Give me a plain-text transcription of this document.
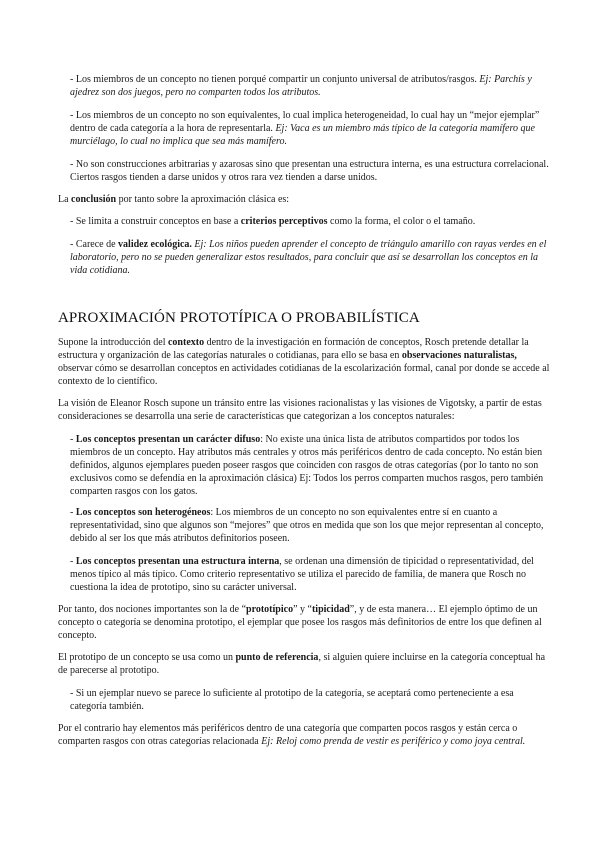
- Los miembros de un concepto no tienen porqué compartir un conjunto universal de atributos/rasgos. Ej: Parchís y ajedrez son dos juegos, pero no comparten todos los atributos.

- Los miembros de un concepto no son equivalentes, lo cual implica heterogeneidad, lo cual hay un “mejor ejemplar” dentro de cada categoría a la hora de representarla. Ej: Vaca es un miembro más típico de la categoría mamífero que murciélago, lo cual no implica que sea más mamífero.

- No son construcciones arbitrarias y azarosas sino que presentan una estructura interna, es una estructura correlacional. Ciertos rasgos tienden a darse unidos y otros rara vez tienden a darse unidos.

La conclusión por tanto sobre la aproximación clásica es:

- Se limita a construir conceptos en base a criterios perceptivos como la forma, el color o el tamaño.

- Carece de validez ecológica. Ej: Los niños pueden aprender el concepto de triángulo amarillo con rayas verdes en el laboratorio, pero no se pueden generalizar estos resultados, para concluir que así se desarrollan los conceptos en la vida cotidiana.

APROXIMACIÓN PROTOTÍPICA O PROBABILÍSTICA

Supone la introducción del contexto dentro de la investigación en formación de conceptos, Rosch pretende detallar la estructura y organización de las categorías naturales o cotidianas, para ello se basa en observaciones naturalistas, observar cómo se desarrollan conceptos en actividades cotidianas de la escolarización formal, canal por donde se accede al contexto de lo científico.

La visión de Eleanor Rosch supone un tránsito entre las visiones racionalistas y las visiones de Vigotsky, a partir de estas consideraciones se desarrolla una serie de características que categorizan a los conceptos naturales:

- Los conceptos presentan un carácter difuso: No existe una única lista de atributos compartidos por todos los miembros de un concepto. Hay atributos más centrales y otros más periféricos dentro de cada concepto. No están bien definidos, algunos ejemplares pueden poseer rasgos que coinciden con rasgos de otras categorías (por lo tanto no son exclusivos como se defendía en la aproximación clásica) Ej: Todos los perros comparten muchos rasgos, pero también comparten rasgos con los gatos.

- Los conceptos son heterogéneos: Los miembros de un concepto no son equivalentes entre sí en cuanto a representatividad, sino que algunos son “mejores” que otros en medida que son los que mejor representan al concepto, debido al ser los que más atributos definitorios poseen.

- Los conceptos presentan una estructura interna, se ordenan una dimensión de tipicidad o representatividad, del menos típico al más típico. Como criterio representativo se utiliza el parecido de familia, de manera que Rosch no cuestiona la idea de prototipo, sino su carácter universal.

Por tanto, dos nociones importantes son la de “prototípico” y “tipicidad”, y de esta manera… El ejemplo óptimo de un concepto o categoría se denomina prototipo, el ejemplar que posee los rasgos más definitorios de entre los que definen al concepto.

El prototipo de un concepto se usa como un punto de referencia, si alguien quiere incluirse en la categoría conceptual ha de parecerse al prototipo.

- Si un ejemplar nuevo se parece lo suficiente al prototipo de la categoría, se aceptará como perteneciente a esa categoría también.

Por el contrario hay elementos más periféricos dentro de una categoría que comparten pocos rasgos y están cerca o comparten rasgos con otras categorías relacionada Ej: Reloj como prenda de vestir es periférico y como joya central.
